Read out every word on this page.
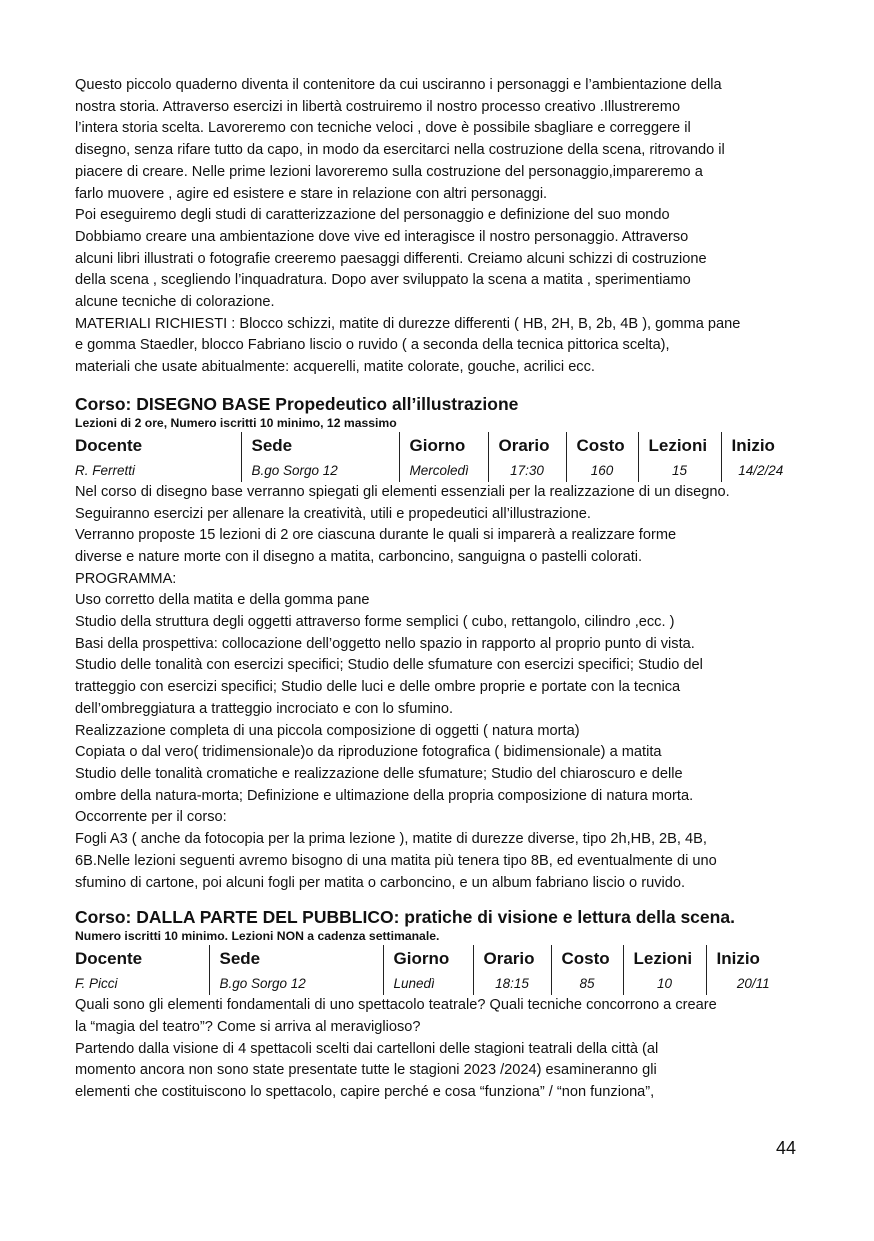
Questo piccolo quaderno diventa il contenitore da cui usciranno i personaggi e l’ambientazione della

nostra storia. Attraverso esercizi in libertà costruiremo il nostro processo creativo .Illustreremo

l’intera storia scelta. Lavoreremo con tecniche veloci , dove è possibile sbagliare e correggere il

disegno, senza rifare tutto da capo, in modo da esercitarci nella costruzione della scena, ritrovando il

piacere di creare. Nelle prime lezioni lavoreremo sulla costruzione del personaggio,impareremo a

farlo muovere , agire ed esistere e stare in relazione con altri personaggi.

Poi eseguiremo degli studi di caratterizzazione del personaggio e definizione del suo mondo

Dobbiamo creare una ambientazione dove vive ed interagisce il nostro personaggio. Attraverso

alcuni libri illustrati o fotografie creeremo paesaggi differenti. Creiamo alcuni schizzi di costruzione

della scena , scegliendo l’inquadratura. Dopo aver sviluppato la scena a matita , sperimentiamo

alcune tecniche di colorazione.

MATERIALI RICHIESTI : Blocco schizzi, matite di durezze differenti ( HB, 2H, B, 2b, 4B ), gomma pane

e gomma Staedler, blocco Fabriano liscio o ruvido ( a seconda della tecnica pittorica scelta),

materiali che usate abitualmente: acquerelli, matite colorate, gouche, acrilici ecc.

Corso: DISEGNO BASE Propedeutico all’illustrazione

Lezioni di 2 ore, Numero iscritti 10 minimo, 12 massimo

Docente	Sede	Giorno	Orario	Costo	Lezioni	Inizio
R. Ferretti	B.go Sorgo 12	Mercoledì	17:30	160	15	14/2/24

Nel corso di disegno base verranno spiegati gli elementi essenziali per la realizzazione di un disegno.

Seguiranno esercizi per allenare la creatività, utili e propedeutici all’illustrazione.

Verranno proposte 15 lezioni di 2 ore ciascuna durante le quali si imparerà a realizzare forme

diverse e nature morte con il disegno a matita, carboncino, sanguigna o pastelli colorati.

PROGRAMMA:

Uso corretto della matita e della gomma pane

Studio della struttura degli oggetti attraverso forme semplici ( cubo, rettangolo, cilindro ,ecc. )

Basi della prospettiva: collocazione dell’oggetto nello spazio in rapporto al proprio punto di vista.

Studio delle tonalità con esercizi specifici; Studio delle sfumature con esercizi specifici; Studio del

tratteggio con esercizi specifici; Studio delle luci e delle ombre proprie e portate con la tecnica

dell’ombreggiatura a tratteggio incrociato e con lo sfumino.

Realizzazione completa di una piccola composizione di oggetti ( natura morta)

Copiata o dal vero( tridimensionale)o da riproduzione fotografica ( bidimensionale) a matita

Studio delle tonalità cromatiche e realizzazione delle sfumature; Studio del chiaroscuro e delle

ombre della natura-morta; Definizione e ultimazione della propria composizione di natura morta.

Occorrente per il corso:

Fogli A3 ( anche da fotocopia per la prima lezione ), matite di durezze diverse, tipo 2h,HB, 2B, 4B,

6B.Nelle lezioni seguenti avremo bisogno di una matita più tenera tipo 8B, ed eventualmente di uno

sfumino di cartone, poi alcuni fogli per matita o carboncino, e un album fabriano liscio o ruvido.

Corso: DALLA PARTE DEL PUBBLICO: pratiche di visione e lettura della scena.

Numero iscritti 10 minimo. Lezioni NON a cadenza settimanale.

Docente	Sede	Giorno	Orario	Costo	Lezioni	Inizio
F. Picci	B.go Sorgo 12	Lunedì	18:15	85	10	20/11

Quali sono gli elementi fondamentali di uno spettacolo teatrale? Quali tecniche concorrono a creare

la “magia del teatro”? Come si arriva al meraviglioso?

Partendo dalla visione di 4 spettacoli scelti dai cartelloni delle stagioni teatrali della città (al

momento ancora non sono state presentate tutte le stagioni 2023 /2024) esamineranno gli

elementi che costituiscono lo spettacolo, capire perché e cosa “funziona” / “non funziona”,

44
